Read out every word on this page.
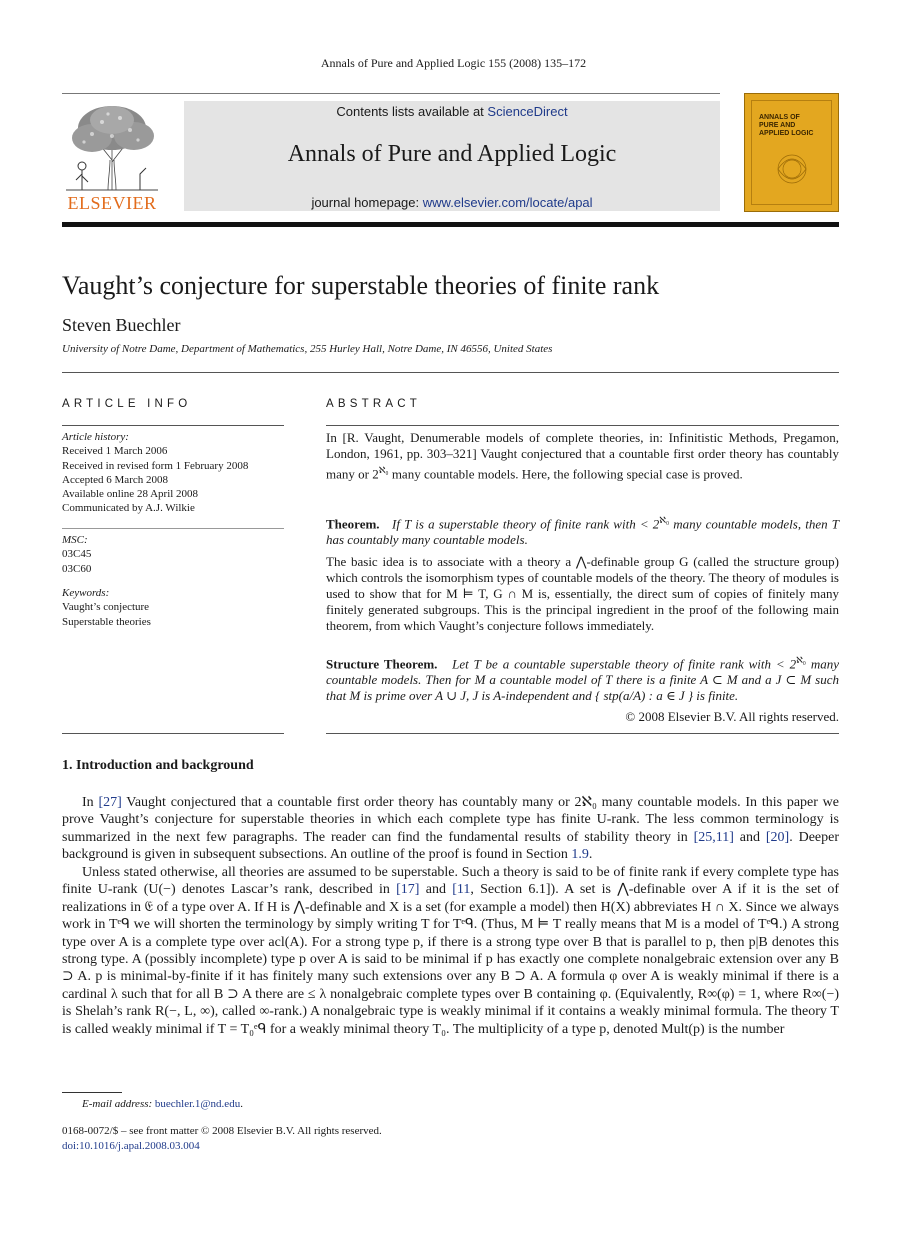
Annals of Pure and Applied Logic 155 (2008) 135–172
ELSEVIER
Contents lists available at ScienceDirect
Annals of Pure and Applied Logic
journal homepage: www.elsevier.com/locate/apal
ANNALS OF
PURE AND
APPLIED LOGIC
Vaught’s conjecture for superstable theories of finite rank
Steven Buechler
University of Notre Dame, Department of Mathematics, 255 Hurley Hall, Notre Dame, IN 46556, United States
ARTICLE INFO	ABSTRACT
Article history:
Received 1 March 2006
Received in revised form 1 February 2008
Accepted 6 March 2008
Available online 28 April 2008
Communicated by A.J. Wilkie
MSC:
03C45
03C60
Keywords:
Vaught’s conjecture
Superstable theories
In [R. Vaught, Denumerable models of complete theories, in: Infinitistic Methods, Pregamon, London, 1961, pp. 303–321] Vaught conjectured that a countable first order theory has countably many or $2^{ℵ_0}$ many countable models. Here, the following special case is proved.
Theorem. If T is a superstable theory of finite rank with < $2^{ℵ_0}$ many countable models, then T has countably many countable models.
The basic idea is to associate with a theory a ⋀-definable group G (called the structure group) which controls the isomorphism types of countable models of the theory. The theory of modules is used to show that for M ⊨ T, G ∩ M is, essentially, the direct sum of copies of finitely many finitely generated subgroups. This is the principal ingredient in the proof of the following main theorem, from which Vaught’s conjecture follows immediately.
Structure Theorem. Let T be a countable superstable theory of finite rank with < $2^{ℵ_0}$ many countable models. Then for M a countable model of T there is a finite A ⊂ M and a J ⊂ M such that M is prime over A ∪ J, J is A-independent and { stp(a/A) : a ∈ J } is finite.
© 2008 Elsevier B.V. All rights reserved.
1. Introduction and background
In [27] Vaught conjectured that a countable first order theory has countably many or 2ℵ₀ many countable models. In this paper we prove Vaught’s conjecture for superstable theories in which each complete type has finite U-rank. The less common terminology is summarized in the next few paragraphs. The reader can find the fundamental results of stability theory in [25,11] and [20]. Deeper background is given in subsequent subsections. An outline of the proof is found in Section 1.9.
Unless stated otherwise, all theories are assumed to be superstable. Such a theory is said to be of finite rank if every complete type has finite U-rank (U(−) denotes Lascar’s rank, described in [17] and [11, Section 6.1]). A set is ⋀-definable over A if it is the set of realizations in 𝔈 of a type over A. If H is ⋀-definable and X is a set (for example a model) then H(X) abbreviates H ∩ X. Since we always work in Tᵉᑫ we will shorten the terminology by simply writing T for Tᵉᑫ. (Thus, M ⊨ T really means that M is a model of Tᵉᑫ.) A strong type over A is a complete type over acl(A). For a strong type p, if there is a strong type over B that is parallel to p, then p|B denotes this strong type. A (possibly incomplete) type p over A is said to be minimal if p has exactly one complete nonalgebraic extension over any B ⊃ A. p is minimal-by-finite if it has finitely many such extensions over any B ⊃ A. A formula φ over A is weakly minimal if there is a cardinal λ such that for all B ⊃ A there are ≤ λ nonalgebraic complete types over B containing φ. (Equivalently, R∞(φ) = 1, where R∞(−) is Shelah’s rank R(−, L, ∞), called ∞-rank.) A nonalgebraic type is weakly minimal if it contains a weakly minimal formula. The theory T is called weakly minimal if T = T₀ᵉᑫ for a weakly minimal theory T₀. The multiplicity of a type p, denoted Mult(p) is the number
E-mail address: buechler.1@nd.edu.
0168-0072/$ – see front matter © 2008 Elsevier B.V. All rights reserved.
doi:10.1016/j.apal.2008.03.004
